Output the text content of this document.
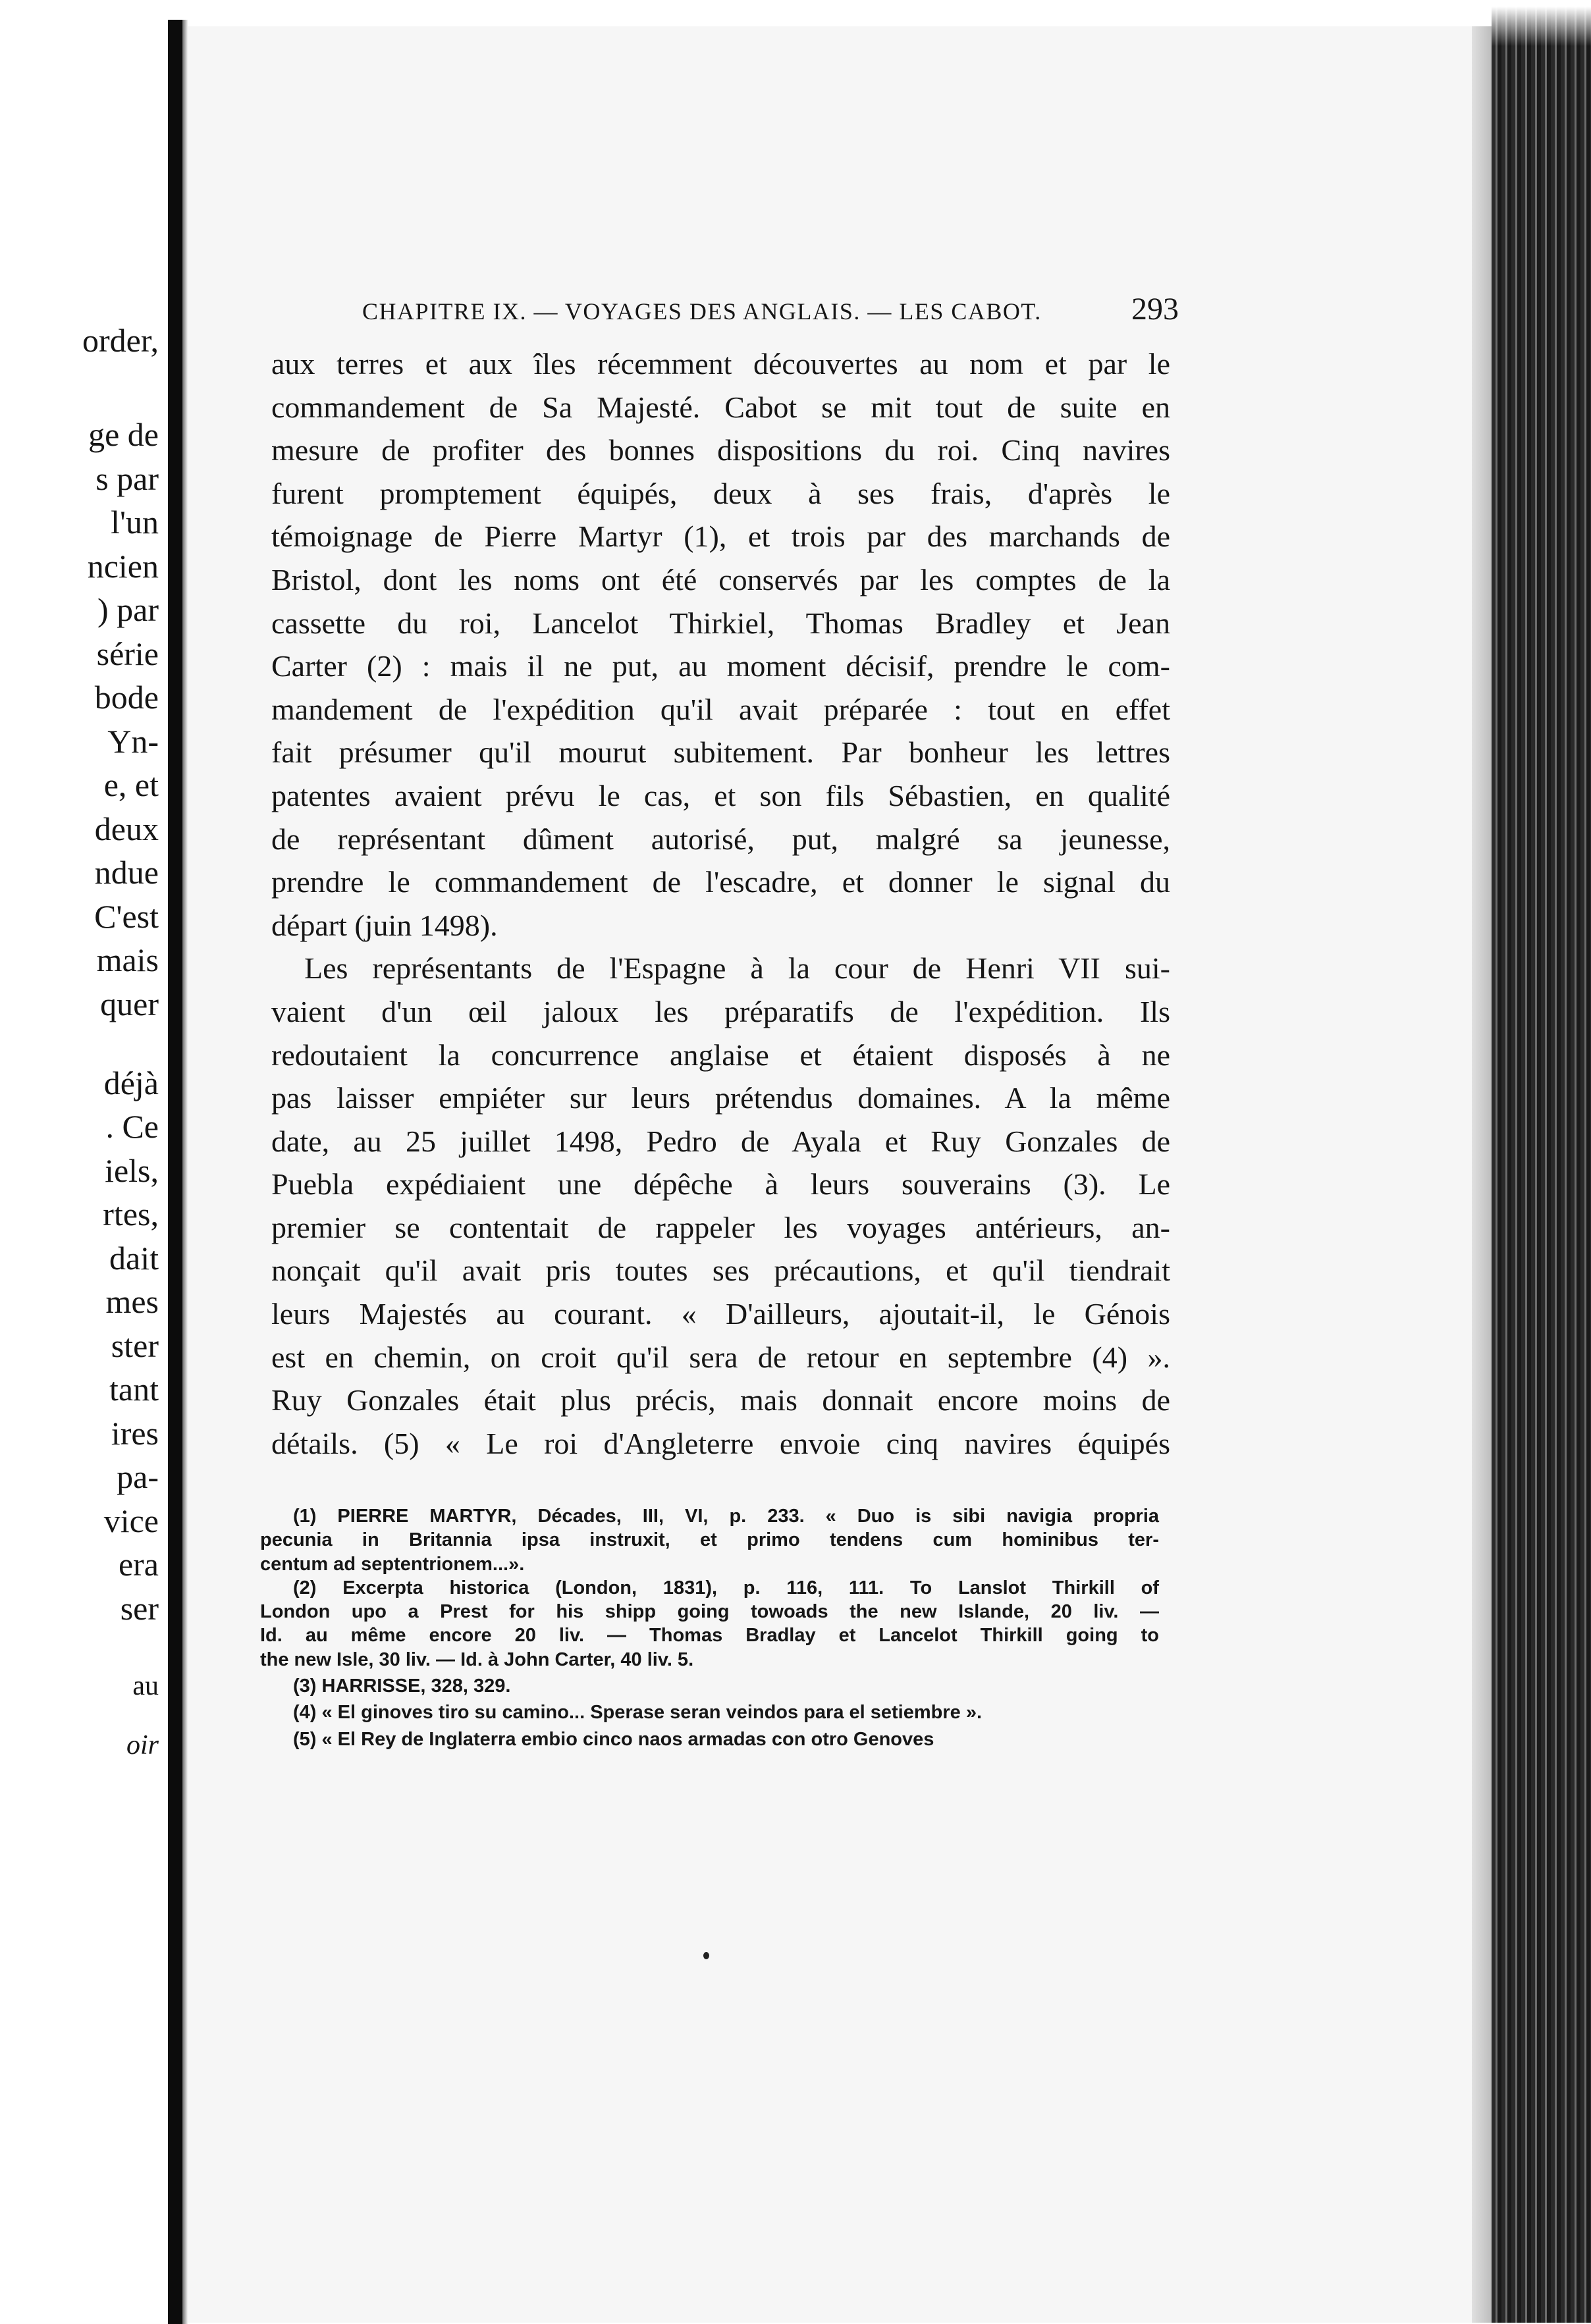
order,
ge de
s par
l'un
ncien
) par
série
bode
Yn-
e, et
deux
ndue
C'est
mais
quer
déjà
. Ce
iels,
rtes,
dait
mes
ster
tant
ires
pa-
vice
era
ser
au
oir
CHAPITRE IX. — VOYAGES DES ANGLAIS. — LES CABOT.	293
aux terres et aux îles récemment découvertes au nom et par le
commandement de Sa Majesté. Cabot se mit tout de suite en
mesure de profiter des bonnes dispositions du roi. Cinq navires
furent promptement équipés, deux à ses frais, d'après le
témoignage de Pierre Martyr (1), et trois par des marchands de
Bristol, dont les noms ont été conservés par les comptes de la
cassette du roi, Lancelot Thirkiel, Thomas Bradley et Jean
Carter (2) : mais il ne put, au moment décisif, prendre le com-
mandement de l'expédition qu'il avait préparée : tout en effet
fait présumer qu'il mourut subitement. Par bonheur les lettres
patentes avaient prévu le cas, et son fils Sébastien, en qualité
de représentant dûment autorisé, put, malgré sa jeunesse,
prendre le commandement de l'escadre, et donner le signal du
départ (juin 1498).
Les représentants de l'Espagne à la cour de Henri VII sui-
vaient d'un œil jaloux les préparatifs de l'expédition. Ils
redoutaient la concurrence anglaise et étaient disposés à ne
pas laisser empiéter sur leurs prétendus domaines. A la même
date, au 25 juillet 1498, Pedro de Ayala et Ruy Gonzales de
Puebla expédiaient une dépêche à leurs souverains (3). Le
premier se contentait de rappeler les voyages antérieurs, an-
nonçait qu'il avait pris toutes ses précautions, et qu'il tiendrait
leurs Majestés au courant. « D'ailleurs, ajoutait-il, le Génois
est en chemin, on croit qu'il sera de retour en septembre (4) ».
Ruy Gonzales était plus précis, mais donnait encore moins de
détails. (5) « Le roi d'Angleterre envoie cinq navires équipés
(1) PIERRE MARTYR, Décades, III, VI, p. 233. « Duo is sibi navigia propria
pecunia in Britannia ipsa instruxit, et primo tendens cum hominibus ter-
centum ad septentrionem...».
(2) Excerpta historica (London, 1831), p. 116, 111. To Lanslot Thirkill of
London upo a Prest for his shipp going towoads the new Islande, 20 liv. —
Id. au même encore 20 liv. — Thomas Bradlay et Lancelot Thirkill going to
the new Isle, 30 liv. — Id. à John Carter, 40 liv. 5.
(3) HARRISSE, 328, 329.
(4) « El ginoves tiro su camino... Sperase seran veindos para el setiembre ».
(5) « El Rey de Inglaterra embio cinco naos armadas con otro Genoves
